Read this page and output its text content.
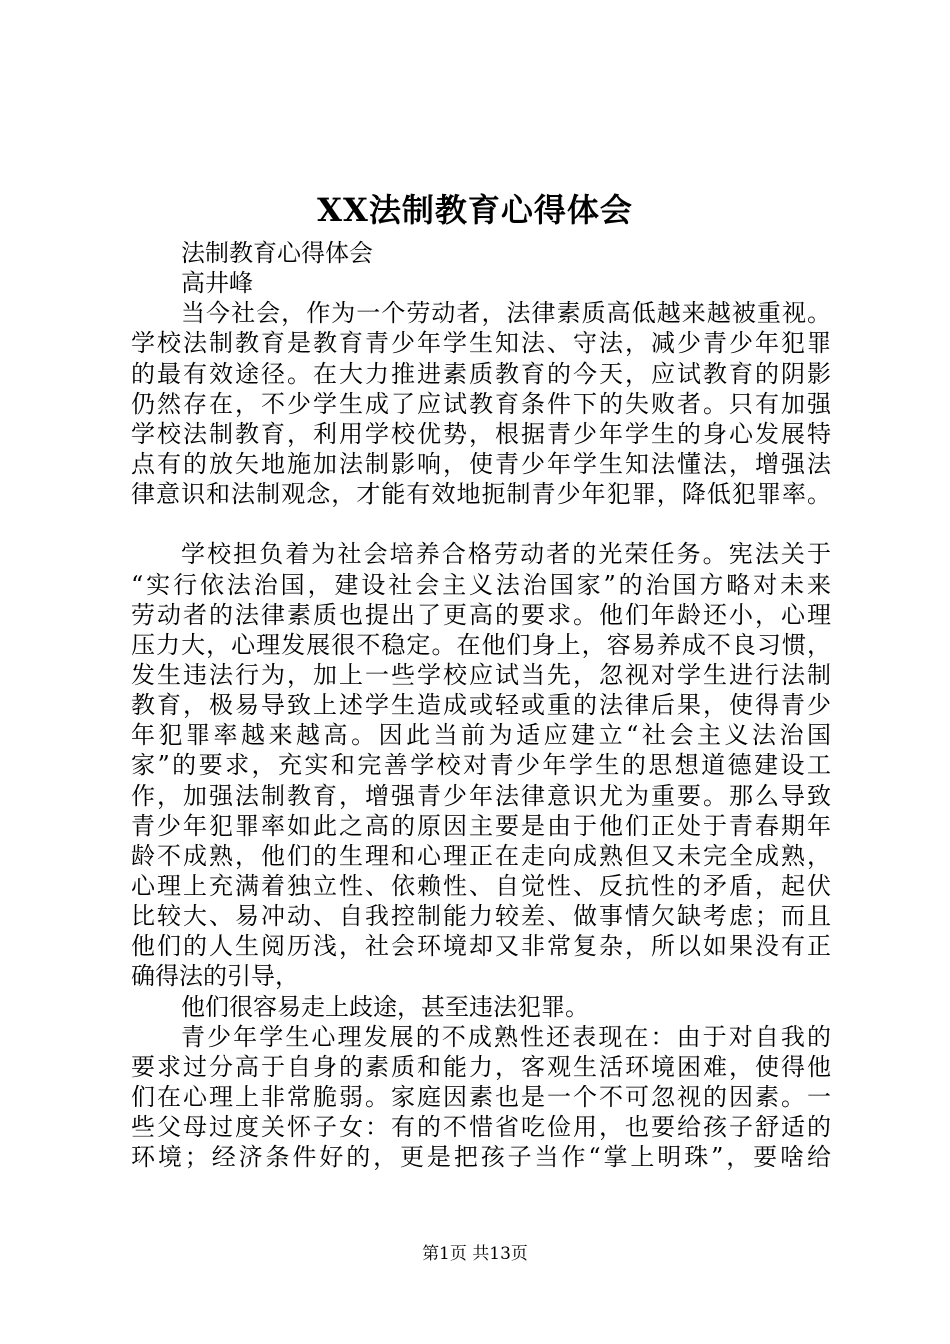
XX法制教育心得体会
法制教育心得体会
高井峰
当今社会，作为一个劳动者，法律素质高低越来越被重视。
学校法制教育是教育青少年学生知法、守法，减少青少年犯罪
的最有效途径。在大力推进素质教育的今天，应试教育的阴影
仍然存在，不少学生成了应试教育条件下的失败者。只有加强
学校法制教育，利用学校优势，根据青少年学生的身心发展特
点有的放矢地施加法制影响，使青少年学生知法懂法，增强法
律意识和法制观念，才能有效地扼制青少年犯罪，降低犯罪率。
学校担负着为社会培养合格劳动者的光荣任务。宪法关于
“实行依法治国，建设社会主义法治国家”的治国方略对未来
劳动者的法律素质也提出了更高的要求。他们年龄还小，心理
压力大，心理发展很不稳定。在他们身上，容易养成不良习惯，
发生违法行为，加上一些学校应试当先，忽视对学生进行法制
教育，极易导致上述学生造成或轻或重的法律后果，使得青少
年犯罪率越来越高。因此当前为适应建立“社会主义法治国
家”的要求，充实和完善学校对青少年学生的思想道德建设工
作，加强法制教育，增强青少年法律意识尤为重要。那么导致
青少年犯罪率如此之高的原因主要是由于他们正处于青春期年
龄不成熟，他们的生理和心理正在走向成熟但又未完全成熟，
心理上充满着独立性、依赖性、自觉性、反抗性的矛盾，起伏
比较大、易冲动、自我控制能力较差、做事情欠缺考虑；而且
他们的人生阅历浅，社会环境却又非常复杂，所以如果没有正
确得法的引导，
他们很容易走上歧途，甚至违法犯罪。
青少年学生心理发展的不成熟性还表现在：由于对自我的
要求过分高于自身的素质和能力，客观生活环境困难，使得他
们在心理上非常脆弱。家庭因素也是一个不可忽视的因素。一
些父母过度关怀子女：有的不惜省吃俭用，也要给孩子舒适的
环境；经济条件好的，更是把孩子当作“掌上明珠”，要啥给
第1页 共13页
